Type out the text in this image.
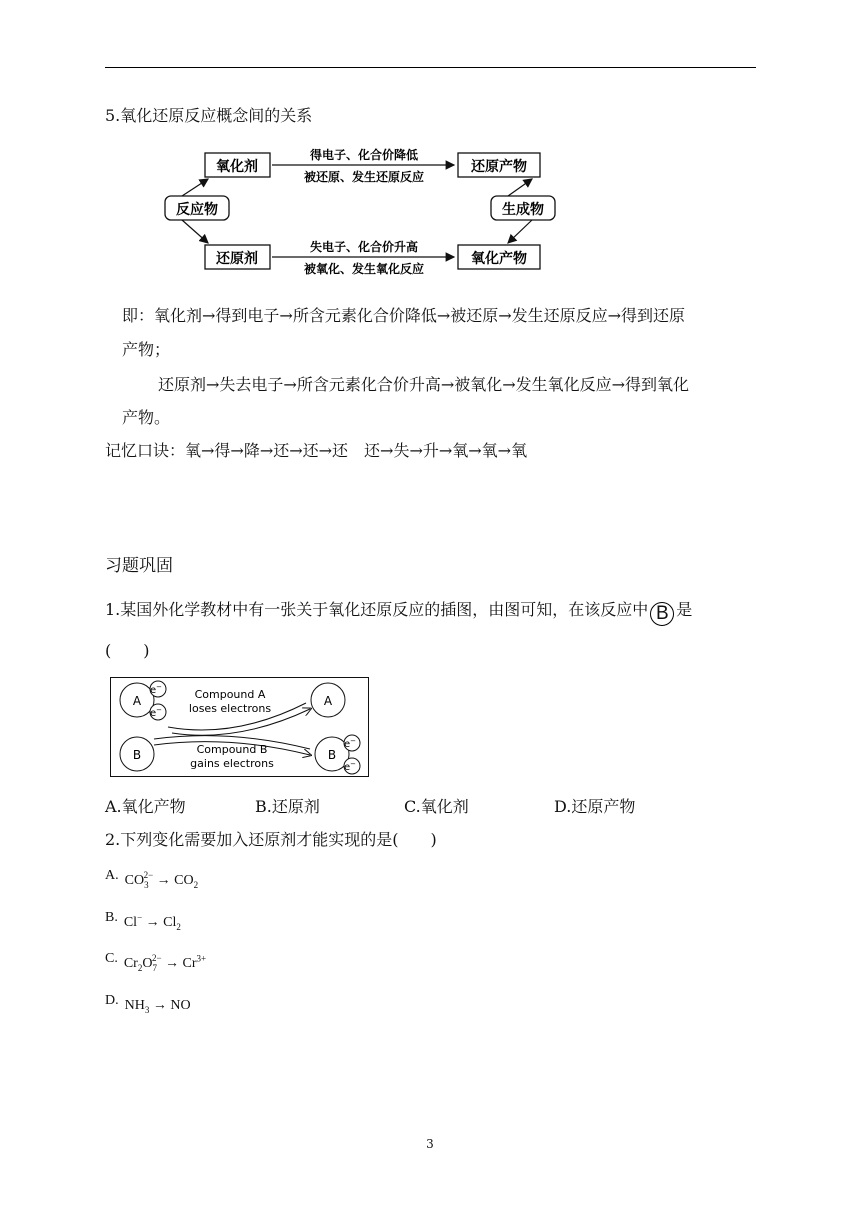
5.氧化还原反应概念间的关系
氧化剂	还原产物
反应物	生成物
还原剂	氧化产物
得电子、化合价降低
被还原、发生还原反应
失电子、化合价升高
被氧化、发生氧化反应
即：氧化剂→得到电子→所含元素化合价降低→被还原→发生还原反应→得到还原
产物；
还原剂→失去电子→所含元素化合价升高→被氧化→发生氧化反应→得到氧化
产物。
记忆口诀：氧→得→降→还→还→还　还→失→升→氧→氧→氧
习题巩固
1.某国外化学教材中有一张关于氧化还原反应的插图，由图可知，在该反应中 B 是
(　　)
A
e−
e−
A
B	B
e−
e−
Compound A
loses electrons
Compound B
gains electrons
A.氧化产物	B.还原剂	C.氧化剂	D.还原产物
2.下列变化需要加入还原剂才能实现的是(　　)
A. $CO_3^{2-} \to CO_2$
B. $Cl^- \to Cl_2$
C. $Cr_2O_7^{2-} \to Cr^{3+}$
D. $NH_3$ → NO
3
